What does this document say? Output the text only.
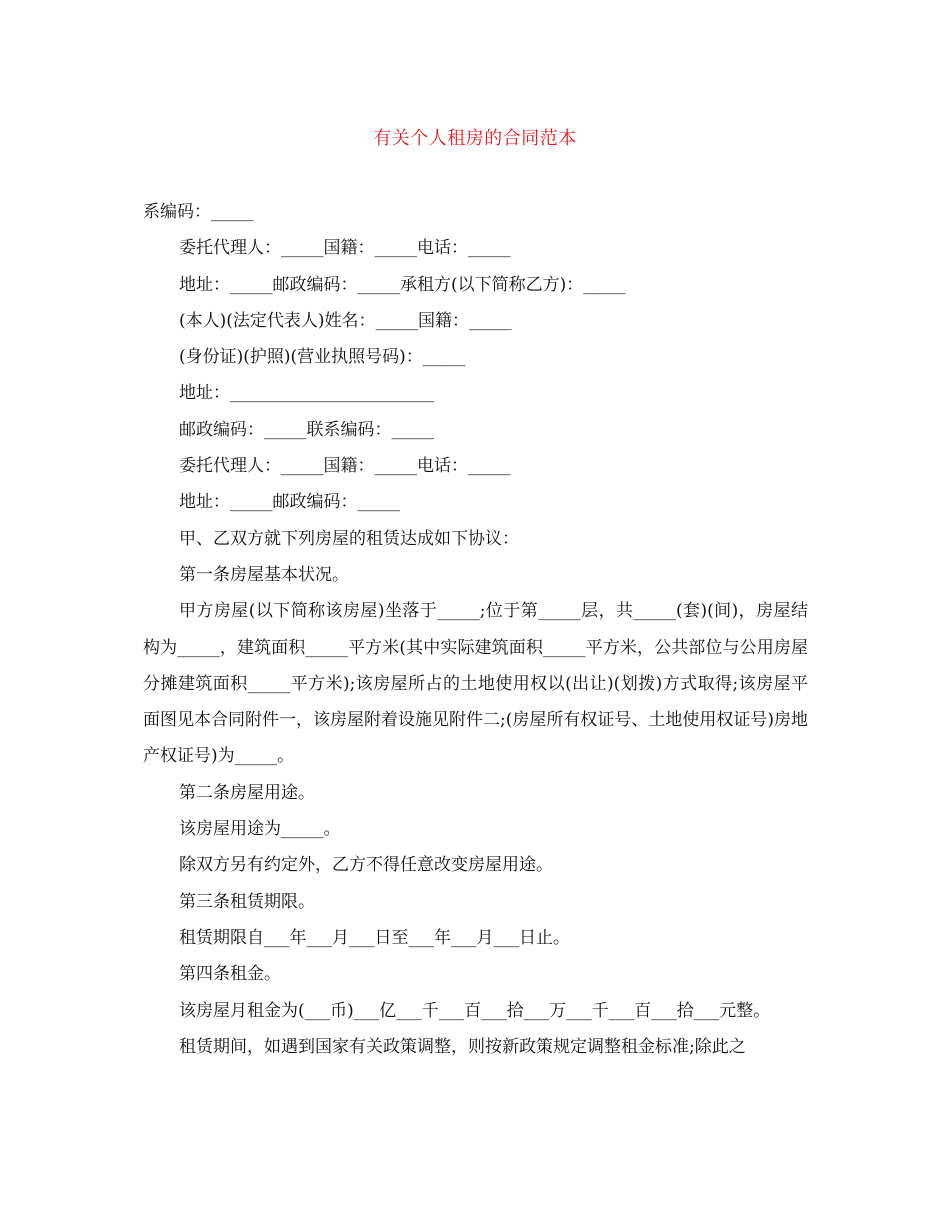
有关个人租房的合同范本
系编码：_____
委托代理人：_____国籍：_____电话：_____
地址：_____邮政编码：_____承租方(以下简称乙方)：_____
(本人)(法定代表人)姓名：_____国籍：_____
(身份证)(护照)(营业执照号码)：_____
地址：________________________
邮政编码：_____联系编码：_____
委托代理人：_____国籍：_____电话：_____
地址：_____邮政编码：_____
甲、乙双方就下列房屋的租赁达成如下协议：
第一条房屋基本状况。
甲方房屋(以下简称该房屋)坐落于_____;位于第_____层，共_____(套)(间)，房屋结构为_____，建筑面积_____平方米(其中实际建筑面积_____平方米，公共部位与公用房屋分摊建筑面积_____平方米);该房屋所占的土地使用权以(出让)(划拨)方式取得;该房屋平面图见本合同附件一，该房屋附着设施见附件二;(房屋所有权证号、土地使用权证号)房地产权证号)为_____。
第二条房屋用途。
该房屋用途为_____。
除双方另有约定外，乙方不得任意改变房屋用途。
第三条租赁期限。
租赁期限自___年___月___日至___年___月___日止。
第四条租金。
该房屋月租金为(___币)___亿___千___百___拾___万___千___百___拾___元整。
租赁期间，如遇到国家有关政策调整，则按新政策规定调整租金标准;除此之
